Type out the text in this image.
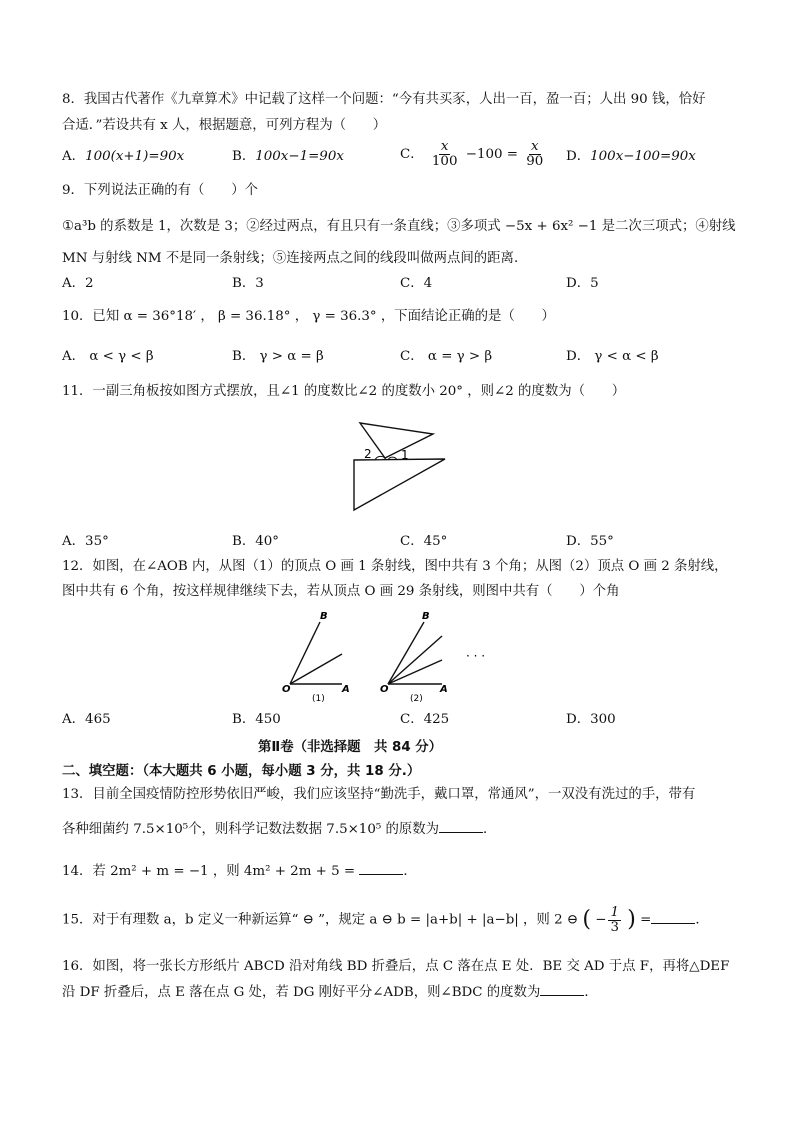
8．我国古代著作《九章算术》中记载了这样一个问题：“今有共买豕，人出一百，盈一百；人出 90 钱，恰好
合适．”若设共有 x 人，根据题意，可列方程为（　　）
A．100(x+1)=90x	B．100x−1=90x	C． $\frac{x}{100} -100 = \frac{x}{90}$ D．100x−100=90x
9．下列说法正确的有（　　）个
①a³b 的系数是 1，次数是 3；②经过两点，有且只有一条直线；③多项式 −5x + 6x² −1 是二次三项式；④射线
MN 与射线 NM 不是同一条射线；⑤连接两点之间的线段叫做两点间的距离．
A．2	B．3	C．4	D．5
10．已知 α = 36°18′ ， β = 36.18° ， γ = 36.3° ，下面结论正确的是（　　）
A． α < γ < β	B． γ > α = β	C． α = γ > β	D． γ < α < β
11．一副三角板按如图方式摆放，且∠1 的度数比∠2 的度数小 20° ，则∠2 的度数为（　　）
2 1
A．35°	B．40°	C．45°	D．55°
12．如图，在∠AOB 内，从图（1）的顶点 O 画 1 条射线，图中共有 3 个角；从图（2）顶点 O 画 2 条射线，
图中共有 6 个角，按这样规律继续下去，若从顶点 O 画 29 条射线，则图中共有（　　）个角
B
O	A
(1)
B
O	A
(2)
· · ·
A．465	B．450	C．425	D．300
第Ⅱ卷（非选择题　共 84 分）
二、填空题：（本大题共 6 小题，每小题 3 分，共 18 分.）
13．目前全国疫情防控形势依旧严峻，我们应该坚持“勤洗手，戴口罩，常通风”，一双没有洗过的手，带有
各种细菌约 7.5×10⁵个，则科学记数法数据 7.5×10⁵ 的原数为	．
14．若 2m² + m = −1 ，则 4m² + 2m + 5 =	．
15．对于有理数 a，b 定义一种新运算“ ⊖ ”，规定 a ⊖ b = |a+b| + |a−b| ，则 2 ⊖ ( − $\frac{1}{3}$ ) =	．
16．如图，将一张长方形纸片 ABCD 沿对角线 BD 折叠后，点 C 落在点 E 处．BE 交 AD 于点 F，再将△DEF
沿 DF 折叠后，点 E 落在点 G 处，若 DG 刚好平分∠ADB，则∠BDC 的度数为	．
